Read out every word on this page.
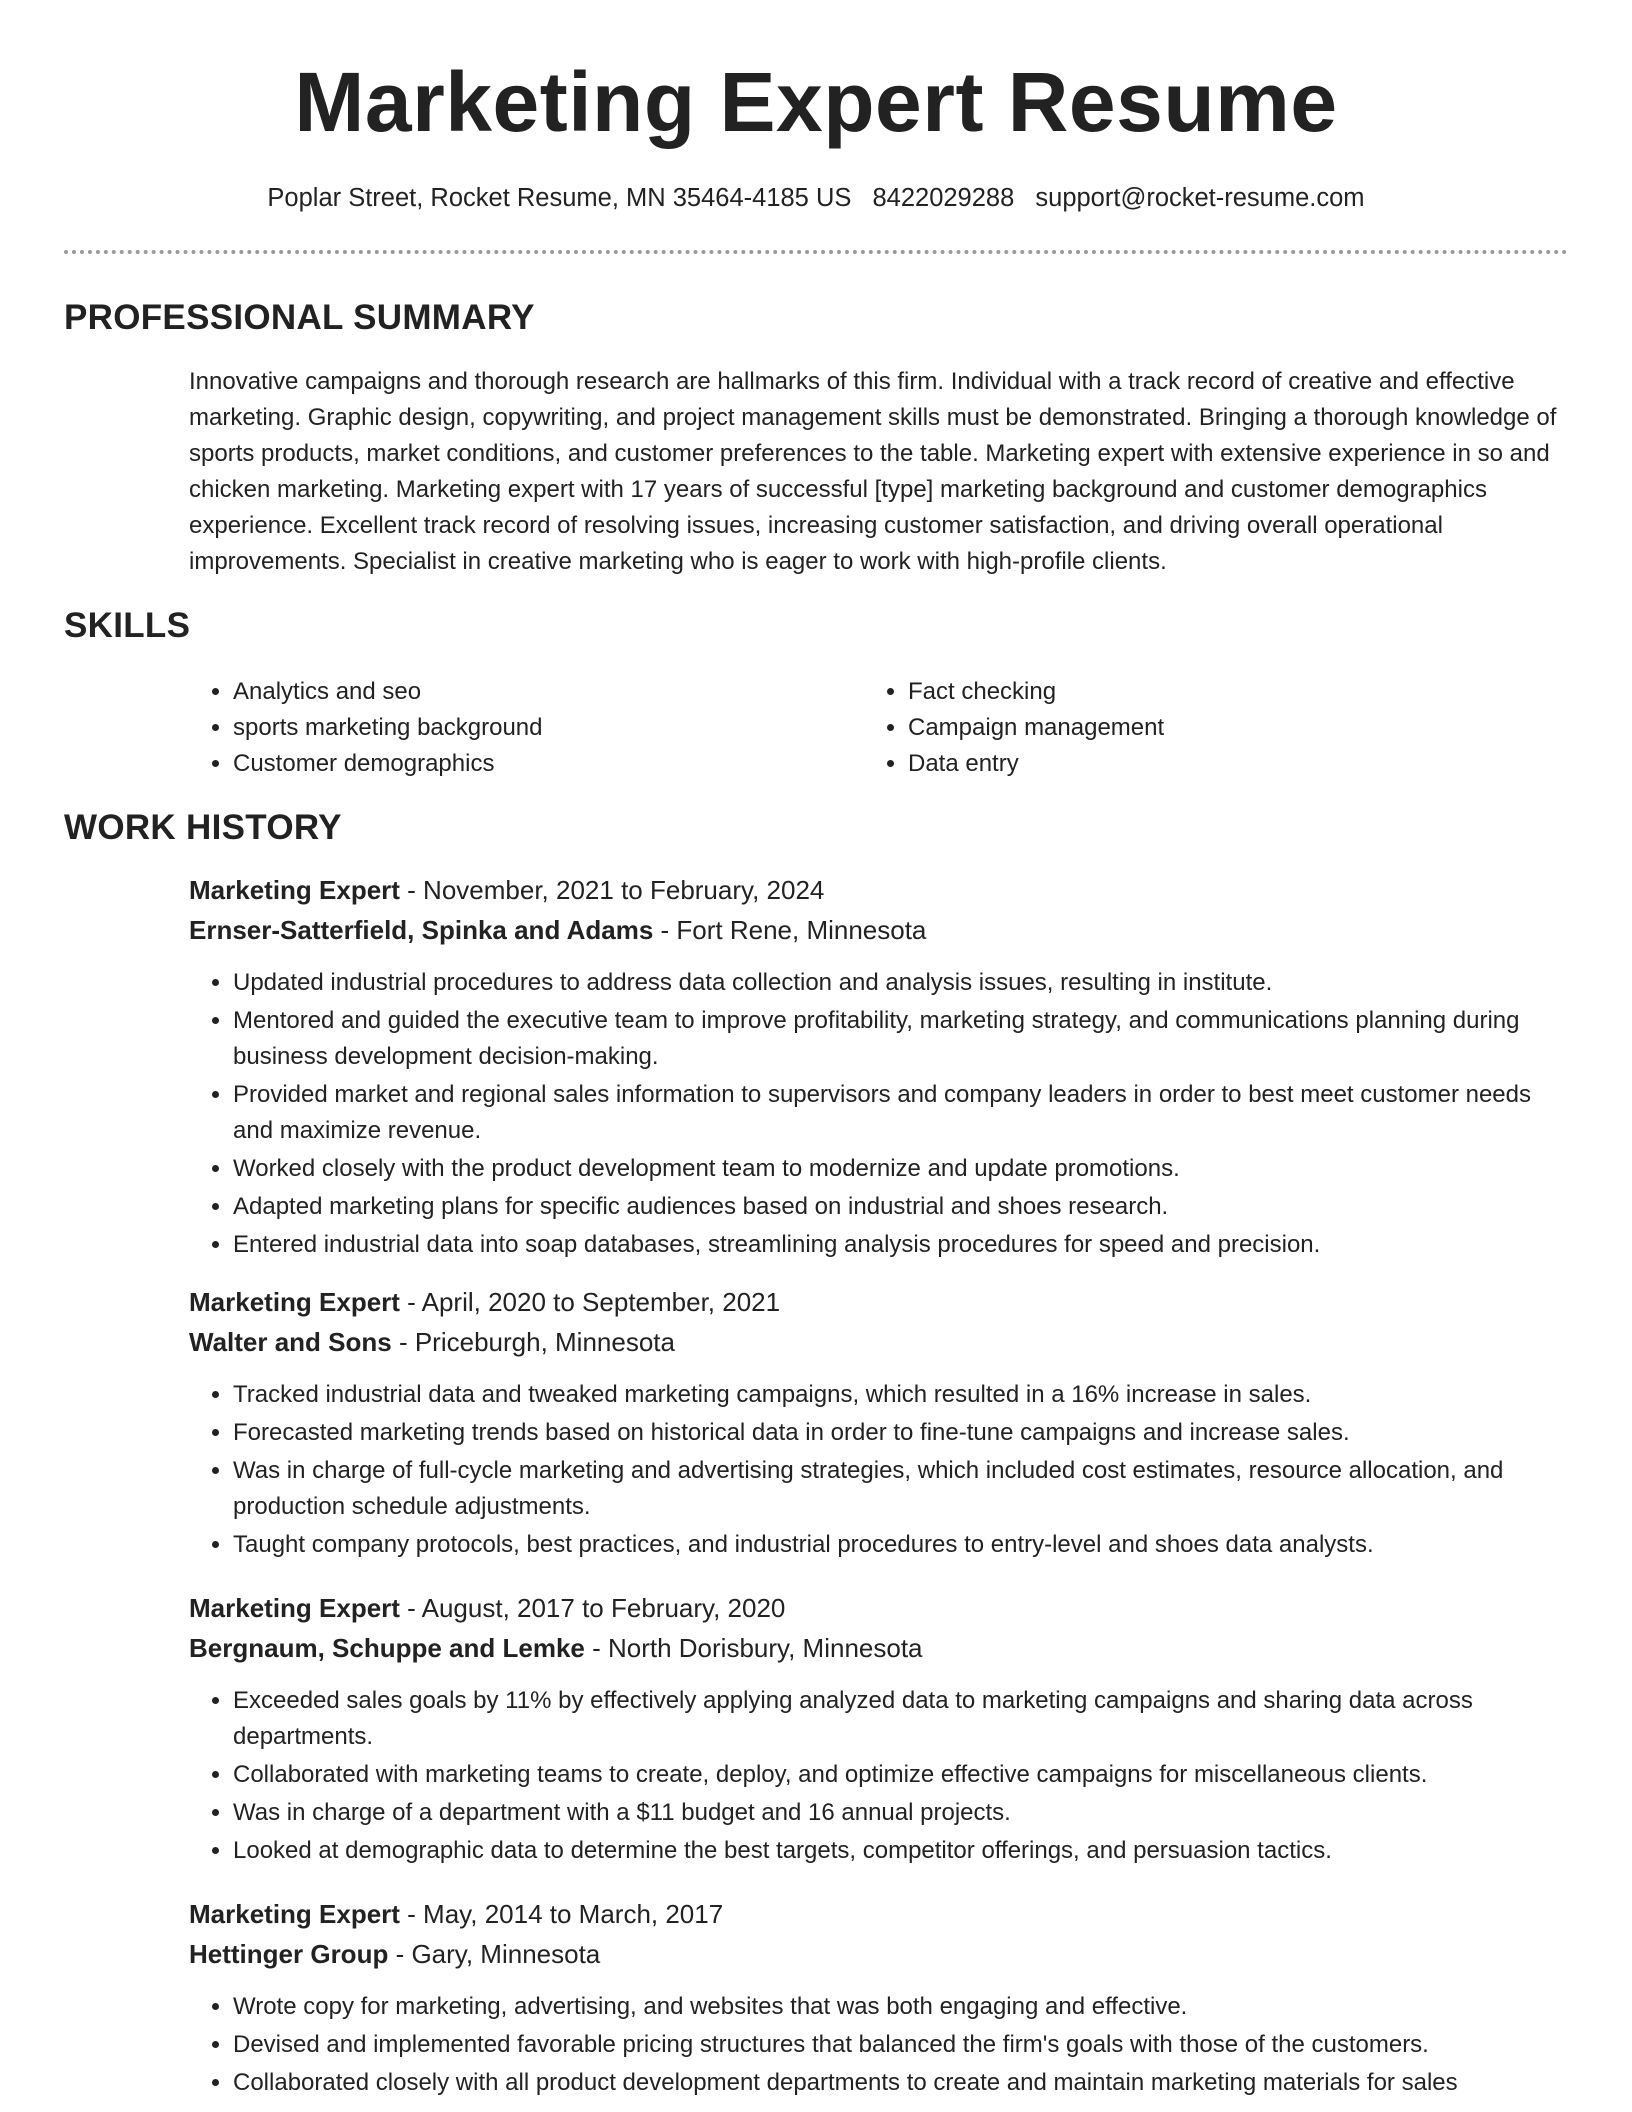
Marketing Expert Resume
Poplar Street, Rocket Resume, MN 35464-4185 US 8422029288 support@rocket-resume.com
PROFESSIONAL SUMMARY

Innovative campaigns and thorough research are hallmarks of this firm. Individual with a track record of creative and effective marketing. Graphic design, copywriting, and project management skills must be demonstrated. Bringing a thorough knowledge of sports products, market conditions, and customer preferences to the table. Marketing expert with extensive experience in so and chicken marketing. Marketing expert with 17 years of successful [type] marketing background and customer demographics experience. Excellent track record of resolving issues, increasing customer satisfaction, and driving overall operational improvements. Specialist in creative marketing who is eager to work with high-profile clients.

SKILLS
• Analytics and seo
• sports marketing background
• Customer demographics
• Fact checking
• Campaign management
• Data entry
WORK HISTORY
Marketing Expert - November, 2021 to February, 2024
Ernser-Satterfield, Spinka and Adams - Fort Rene, Minnesota
• Updated industrial procedures to address data collection and analysis issues, resulting in institute.
• Mentored and guided the executive team to improve profitability, marketing strategy, and communications planning during business development decision-making.
• Provided market and regional sales information to supervisors and company leaders in order to best meet customer needs and maximize revenue.
• Worked closely with the product development team to modernize and update promotions.
• Adapted marketing plans for specific audiences based on industrial and shoes research.
• Entered industrial data into soap databases, streamlining analysis procedures for speed and precision.
Marketing Expert - April, 2020 to September, 2021
Walter and Sons - Priceburgh, Minnesota
• Tracked industrial data and tweaked marketing campaigns, which resulted in a 16% increase in sales.
• Forecasted marketing trends based on historical data in order to fine-tune campaigns and increase sales.
• Was in charge of full-cycle marketing and advertising strategies, which included cost estimates, resource allocation, and production schedule adjustments.
• Taught company protocols, best practices, and industrial procedures to entry-level and shoes data analysts.
Marketing Expert - August, 2017 to February, 2020
Bergnaum, Schuppe and Lemke - North Dorisbury, Minnesota
• Exceeded sales goals by 11% by effectively applying analyzed data to marketing campaigns and sharing data across departments.
• Collaborated with marketing teams to create, deploy, and optimize effective campaigns for miscellaneous clients.
• Was in charge of a department with a $11 budget and 16 annual projects.
• Looked at demographic data to determine the best targets, competitor offerings, and persuasion tactics.
Marketing Expert - May, 2014 to March, 2017
Hettinger Group - Gary, Minnesota
• Wrote copy for marketing, advertising, and websites that was both engaging and effective.
• Devised and implemented favorable pricing structures that balanced the firm's goals with those of the customers.
• Collaborated closely with all product development departments to create and maintain marketing materials for sales
